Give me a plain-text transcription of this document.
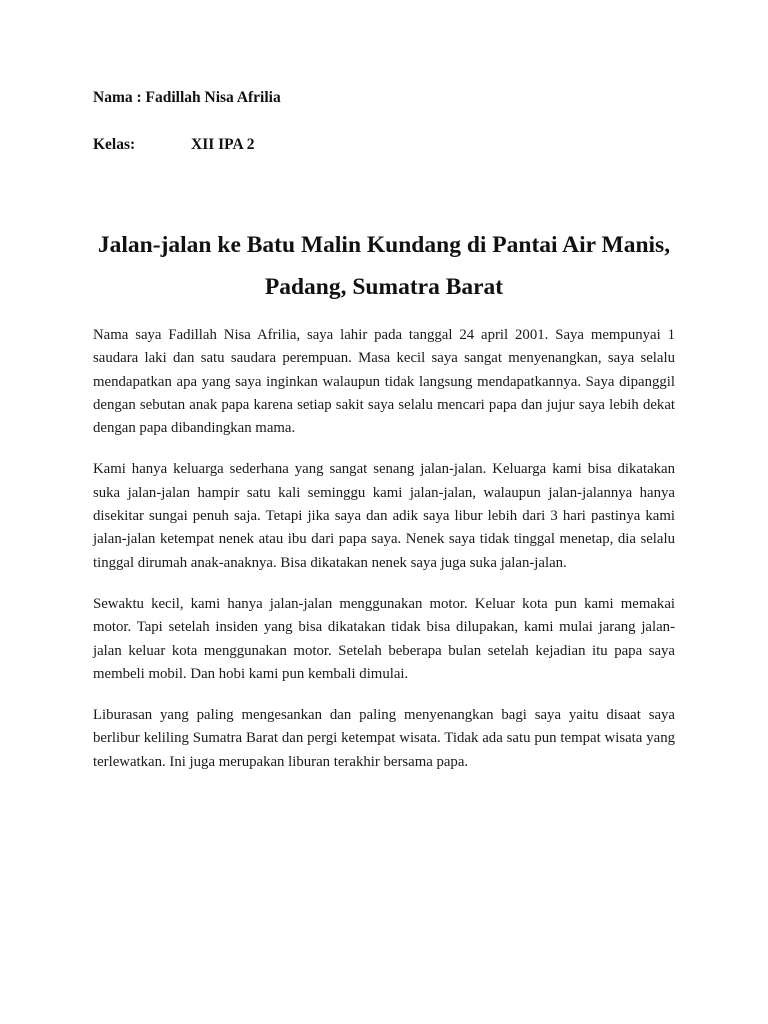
Nama : Fadillah Nisa Afrilia
Kelas:	XII IPA 2
Jalan-jalan ke Batu Malin Kundang di Pantai Air Manis, Padang, Sumatra Barat

Nama saya Fadillah Nisa Afrilia, saya lahir pada tanggal 24 april 2001. Saya mempunyai 1 saudara laki dan satu saudara perempuan. Masa kecil saya sangat menyenangkan, saya selalu mendapatkan apa yang saya inginkan walaupun tidak langsung mendapatkannya. Saya dipanggil dengan sebutan anak papa karena setiap sakit saya selalu mencari papa dan jujur saya lebih dekat dengan papa dibandingkan mama.

Kami hanya keluarga sederhana yang sangat senang jalan-jalan. Keluarga kami bisa dikatakan suka jalan-jalan hampir satu kali seminggu kami jalan-jalan, walaupun jalan-jalannya hanya disekitar sungai penuh saja. Tetapi jika saya dan adik saya libur lebih dari 3 hari pastinya kami jalan-jalan ketempat nenek atau ibu dari papa saya. Nenek saya tidak tinggal menetap, dia selalu tinggal dirumah anak-anaknya. Bisa dikatakan nenek saya juga suka jalan-jalan.

Sewaktu kecil, kami hanya jalan-jalan menggunakan motor. Keluar kota pun kami memakai motor. Tapi setelah insiden yang bisa dikatakan tidak bisa dilupakan, kami mulai jarang jalan-jalan keluar kota menggunakan motor. Setelah beberapa bulan setelah kejadian itu papa saya membeli mobil. Dan hobi kami pun kembali dimulai.

Liburasan yang paling mengesankan dan paling menyenangkan bagi saya yaitu disaat saya berlibur keliling Sumatra Barat dan pergi ketempat wisata. Tidak ada satu pun tempat wisata yang terlewatkan. Ini juga merupakan liburan terakhir bersama papa.
